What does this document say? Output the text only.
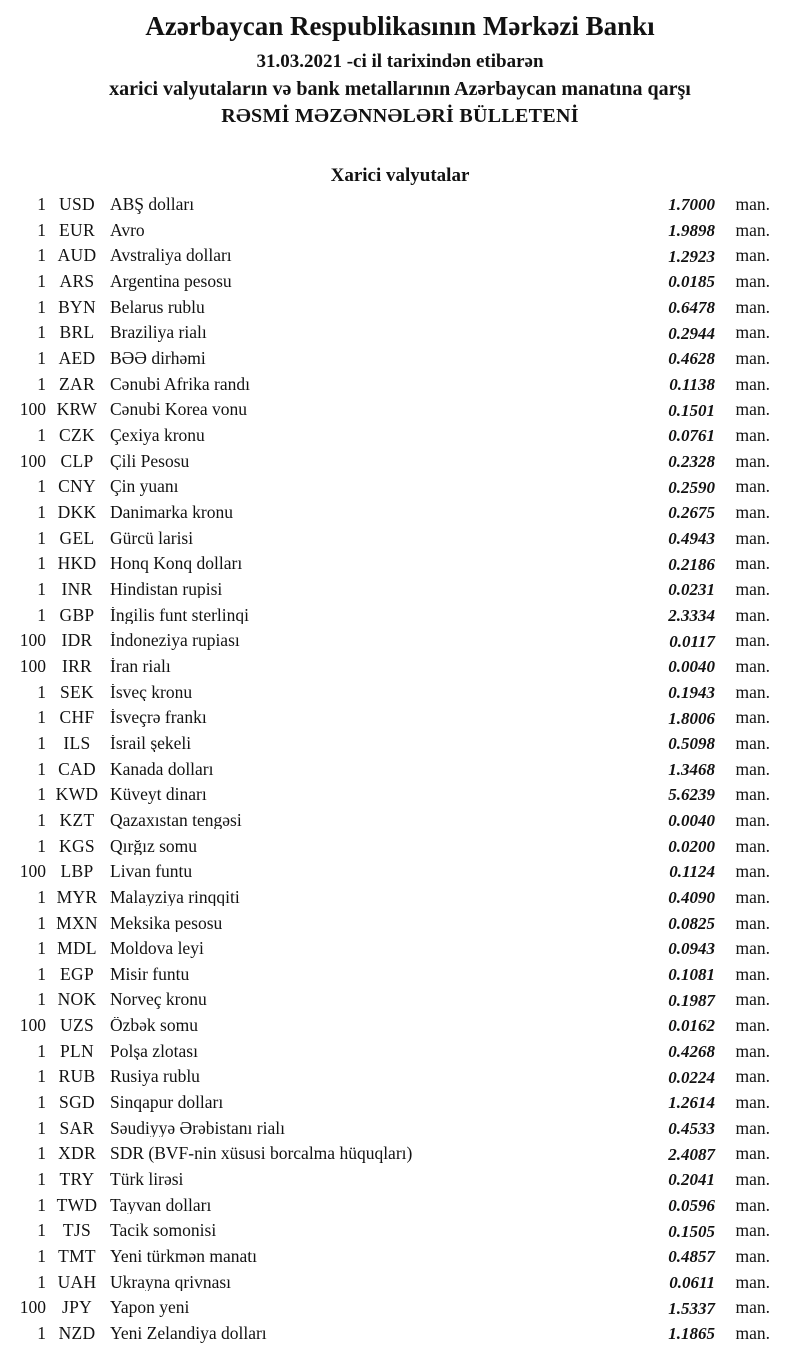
Azərbaycan Respublikasının Mərkəzi Bankı
31.03.2021 -ci il tarixindən etibarən
xarici valyutaların və bank metallarının Azərbaycan manatına qarşı
RƏSMİ MƏZƏNNƏLƏRİ BÜLLETENİ
Xarici valyutalar
1 USD ABŞ dolları	1.7000	man.
1 EUR Avro	1.9898	man.
1 AUD Avstraliya dolları	1.2923	man.
1 ARS Argentina pesosu	0.0185	man.
1 BYN Belarus rublu	0.6478	man.
1 BRL Braziliya rialı	0.2944	man.
1 AED BƏƏ dirhəmi	0.4628	man.
1 ZAR Cənubi Afrika randı	0.1138	man.
100 KRW Cənubi Korea vonu	0.1501	man.
1 CZK Çexiya kronu	0.0761	man.
100 CLP Çili Pesosu	0.2328	man.
1 CNY Çin yuanı	0.2590	man.
1 DKK Danimarka kronu	0.2675	man.
1 GEL Gürcü larisi	0.4943	man.
1 HKD Honq Konq dolları	0.2186	man.
1 INR Hindistan rupisi	0.0231	man.
1 GBP İngilis funt sterlinqi	2.3334	man.
100 IDR İndoneziya rupiası	0.0117	man.
100 IRR	İran rialı	0.0040	man.
1 SEK İsveç kronu	0.1943	man.
1 CHF İsveçrə frankı	1.8006	man.
1 ILS	İsrail şekeli	0.5098	man.
1 CAD Kanada dolları	1.3468	man.
1 KWD Küveyt dinarı	5.6239	man.
1 KZT Qazaxıstan tengəsi	0.0040	man.
1 KGS Qırğız somu	0.0200	man.
100 LBP Livan funtu	0.1124	man.
1 MYR Malayziya rinqqiti	0.4090	man.
1 MXN Meksika pesosu	0.0825	man.
1 MDL Moldova leyi	0.0943	man.
1 EGP Misir funtu	0.1081	man.
1 NOK Norveç kronu	0.1987	man.
100 UZS Özbək somu	0.0162	man.
1 PLN Polşa zlotası	0.4268	man.
1 RUB Rusiya rublu	0.0224	man.
1 SGD Sinqapur dolları	1.2614	man.
1 SAR Səudiyyə Ərəbistanı rialı	0.4533	man.
1 XDR SDR (BVF-nin xüsusi borcalma hüquqları)	2.4087	man.
1 TRY Türk lirəsi	0.2041	man.
1 TWD Tayvan dolları	0.0596	man.
1 TJS	Tacik somonisi	0.1505	man.
1 TMT Yeni türkmən manatı	0.4857	man.
1 UAH Ukrayna qrivnası	0.0611	man.
100 JPY	Yapon yeni	1.5337	man.
1 NZD Yeni Zelandiya dolları	1.1865	man.
